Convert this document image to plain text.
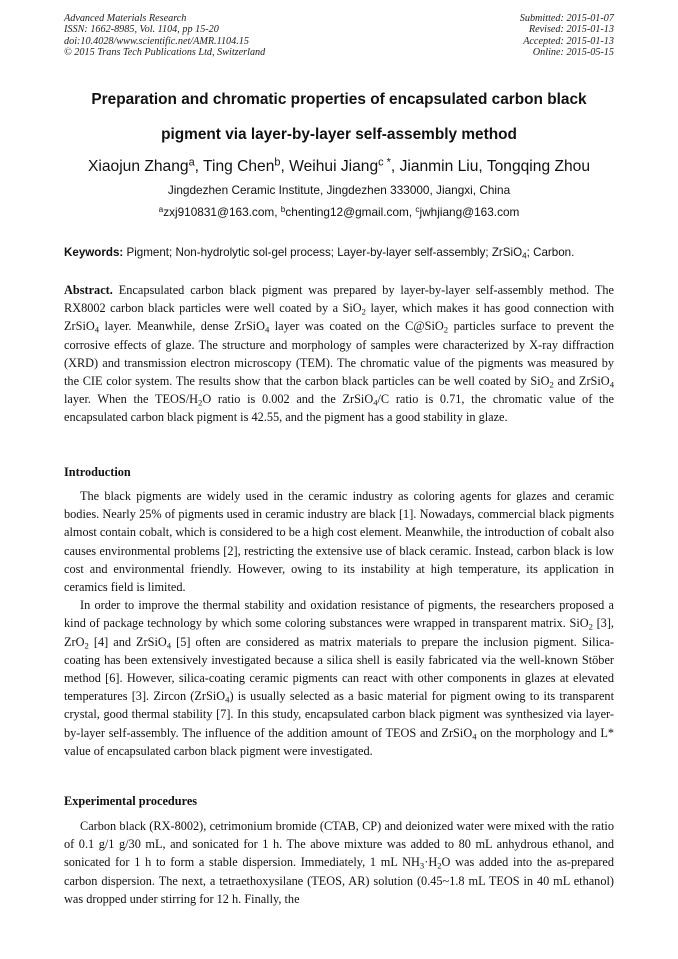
Advanced Materials Research
ISSN: 1662-8985, Vol. 1104, pp 15-20
doi:10.4028/www.scientific.net/AMR.1104.15
© 2015 Trans Tech Publications Ltd, Switzerland
Submitted: 2015-01-07
Revised: 2015-01-13
Accepted: 2015-01-13
Online: 2015-05-15
Preparation and chromatic properties of encapsulated carbon black
pigment via layer-by-layer self-assembly method
Xiaojun Zhang$^a$, Ting Chen$^b$, Weihui Jiang$^{c *}$, Jianmin Liu, Tongqing Zhou
Jingdezhen Ceramic Institute, Jingdezhen 333000, Jiangxi, China
$^a$zxj910831@163.com, $^b$chenting12@gmail.com, $^c$jwhjiang@163.com
Keywords: Pigment; Non-hydrolytic sol-gel process; Layer-by-layer self-assembly; ZrSiO$_4$; Carbon.

Abstract. Encapsulated carbon black pigment was prepared by layer-by-layer self-assembly method. The RX8002 carbon black particles were well coated by a SiO$_2$ layer, which makes it has good connection with ZrSiO$_4$ layer. Meanwhile, dense ZrSiO$_4$ layer was coated on the C@SiO$_2$ particles surface to prevent the corrosive effects of glaze. The structure and morphology of samples were characterized by X-ray diffraction (XRD) and transmission electron microscopy (TEM). The chromatic value of the pigments was measured by the CIE color system. The results show that the carbon black particles can be well coated by SiO$_2$ and ZrSiO$_4$ layer. When the TEOS/$H_2O$ ratio is 0.002 and the ZrSiO$_4$/C ratio is 0.71, the chromatic value of the encapsulated carbon black pigment is 42.55, and the pigment has a good stability in glaze.

Introduction

The black pigments are widely used in the ceramic industry as coloring agents for glazes and ceramic bodies. Nearly 25% of pigments used in ceramic industry are black [1]. Nowadays, commercial black pigments almost contain cobalt, which is considered to be a high cost element. Meanwhile, the introduction of cobalt also causes environmental problems [2], restricting the extensive use of black ceramic. Instead, carbon black is low cost and environmental friendly. However, owing to its instability at high temperature, its application in ceramics field is limited.

In order to improve the thermal stability and oxidation resistance of pigments, the researchers proposed a kind of package technology by which some coloring substances were wrapped in transparent matrix. SiO$_2$ [3], ZrO$_2$ [4] and ZrSiO$_4$ [5] often are considered as matrix materials to prepare the inclusion pigment. Silica-coating has been extensively investigated because a silica shell is easily fabricated via the well-known Stöber method [6]. However, silica-coating ceramic pigments can react with other components in glazes at elevated temperatures [3]. Zircon (ZrSiO$_4$) is usually selected as a basic material for pigment owing to its transparent crystal, good thermal stability [7]. In this study, encapsulated carbon black pigment was synthesized via layer-by-layer self-assembly. The influence of the addition amount of TEOS and ZrSiO$_4$ on the morphology and L* value of encapsulated carbon black pigment were investigated.

Experimental procedures

Carbon black (RX-8002), cetrimonium bromide (CTAB, CP) and deionized water were mixed with the ratio of 0.1 g/1 g/30 mL, and sonicated for 1 h. The above mixture was added to 80 mL anhydrous ethanol, and sonicated for 1 h to form a stable dispersion. Immediately, 1 mL $NH_3\cdot H_2O$ was added into the as-prepared carbon dispersion. The next, a tetraethoxysilane (TEOS, AR) solution (0.45~1.8 mL TEOS in 40 mL ethanol) was dropped under stirring for 12 h. Finally, the
